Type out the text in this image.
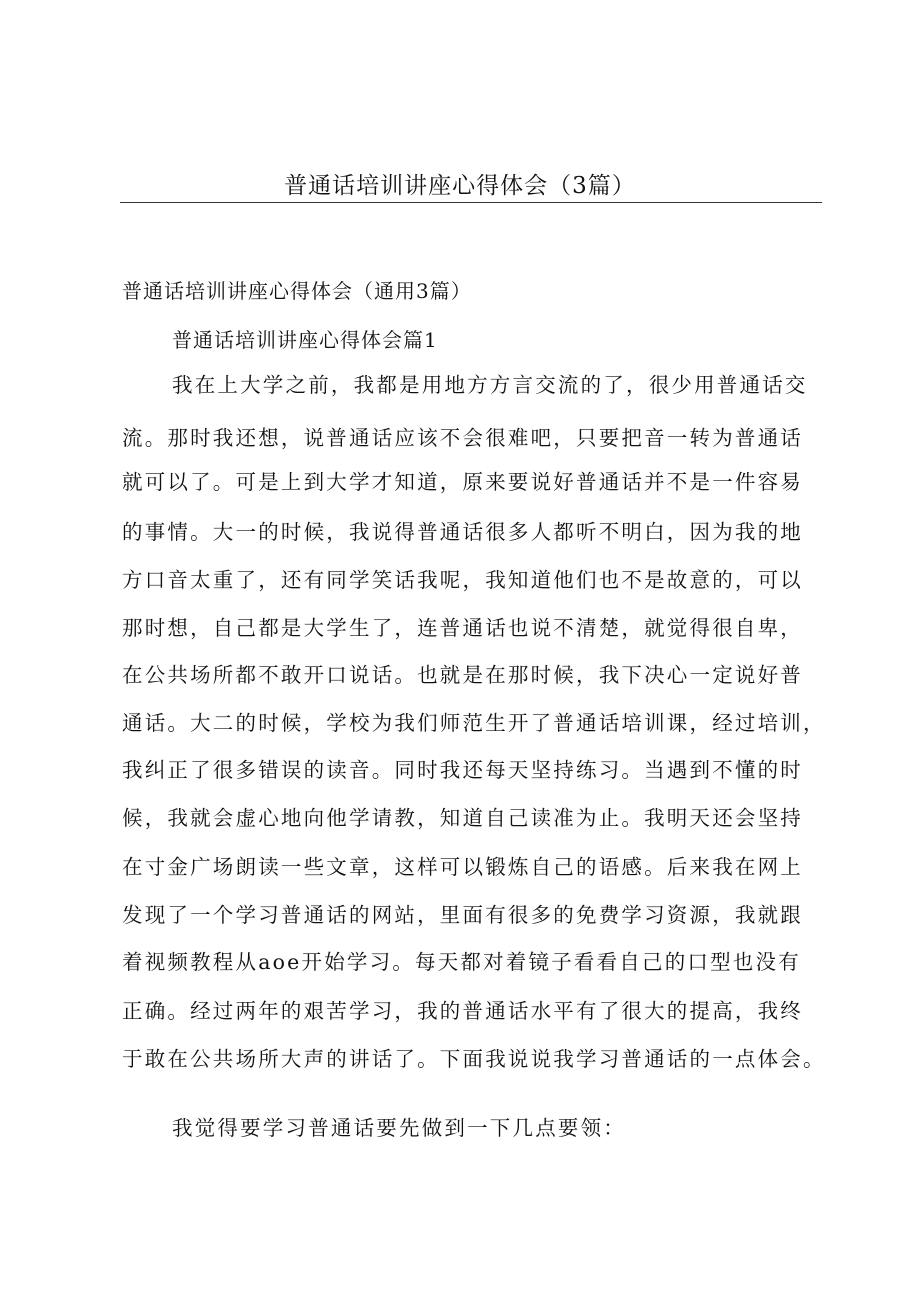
普通话培训讲座心得体会（3篇）
普通话培训讲座心得体会（通用3篇）
普通话培训讲座心得体会篇1
我在上大学之前，我都是用地方方言交流的了，很少用普通话交
流。那时我还想，说普通话应该不会很难吧，只要把音一转为普通话
就可以了。可是上到大学才知道，原来要说好普通话并不是一件容易
的事情。大一的时候，我说得普通话很多人都听不明白，因为我的地
方口音太重了，还有同学笑话我呢，我知道他们也不是故意的，可以
那时想，自己都是大学生了，连普通话也说不清楚，就觉得很自卑，
在公共场所都不敢开口说话。也就是在那时候，我下决心一定说好普
通话。大二的时候，学校为我们师范生开了普通话培训课，经过培训，
我纠正了很多错误的读音。同时我还每天坚持练习。当遇到不懂的时
候，我就会虚心地向他学请教，知道自己读准为止。我明天还会坚持
在寸金广场朗读一些文章，这样可以锻炼自己的语感。后来我在网上
发现了一个学习普通话的网站，里面有很多的免费学习资源，我就跟
着视频教程从aoe开始学习。每天都对着镜子看看自己的口型也没有
正确。经过两年的艰苦学习，我的普通话水平有了很大的提高，我终
于敢在公共场所大声的讲话了。下面我说说我学习普通话的一点体会。
我觉得要学习普通话要先做到一下几点要领：
